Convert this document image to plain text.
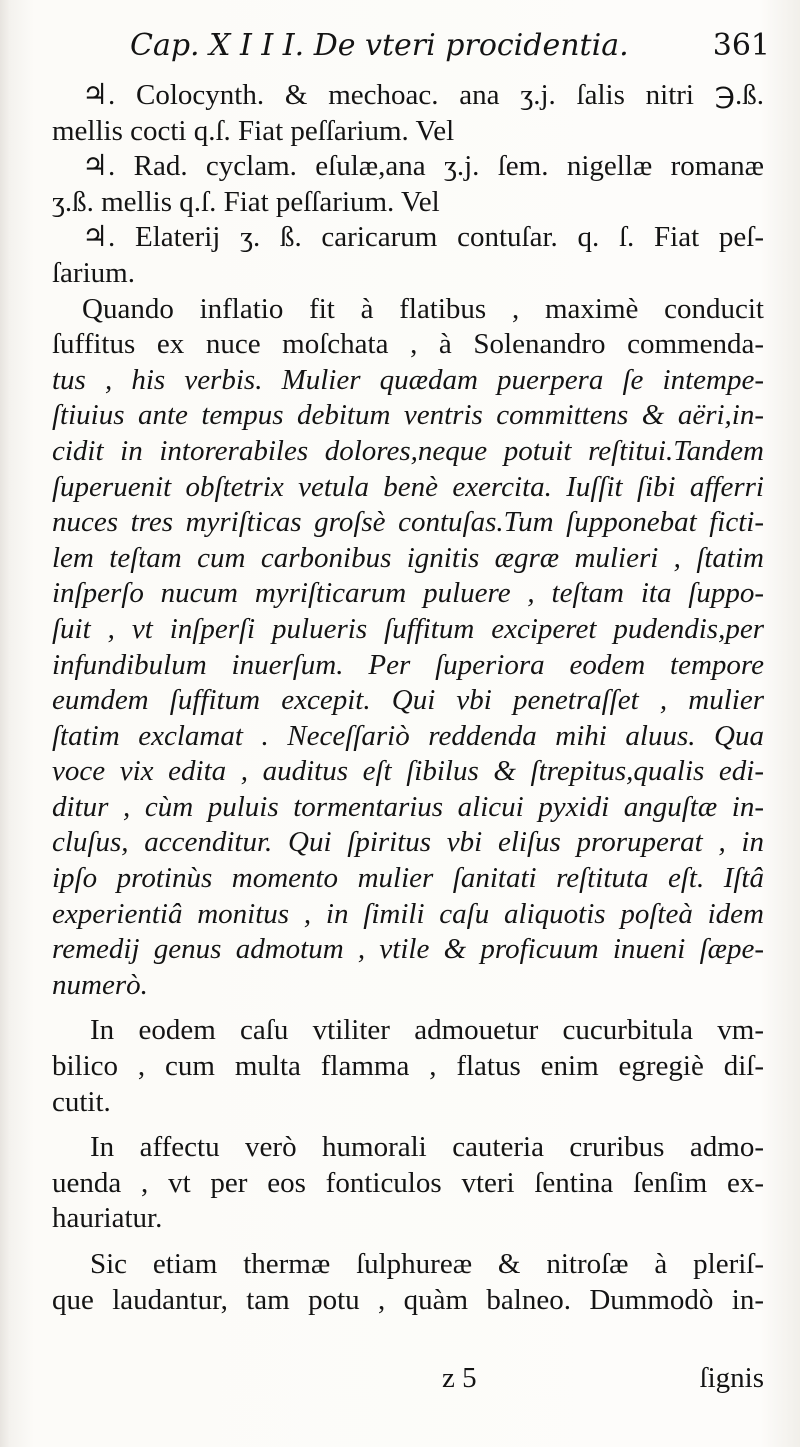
Cap. X I I I. De vteri procidentia.	361
♃. Colocynth. & mechoac. ana ʒ.j. ſalis nitri ℈.ß.
mellis cocti q.ſ. Fiat peſſarium. Vel
♃. Rad. cyclam. eſulæ,ana ʒ.j. ſem. nigellæ romanæ
ʒ.ß. mellis q.ſ. Fiat peſſarium. Vel
♃. Elaterij ʒ. ß. caricarum contuſar. q. ſ. Fiat peſ-
ſarium.
Quando inflatio fit à flatibus , maximè conducit
ſuffitus ex nuce moſchata , à Solenandro commenda-
tus , his verbis. Mulier quædam puerpera ſe intempe-
ſtiuius ante tempus debitum ventris committens & aëri,in-
cidit in intorerabiles dolores,neque potuit reſtitui.Tandem
ſuperuenit obſtetrix vetula benè exercita. Iuſſit ſibi afferri
nuces tres myriſticas groſsè contuſas.Tum ſupponebat ficti-
lem teſtam cum carbonibus ignitis ægræ mulieri , ſtatim
inſperſo nucum myriſticarum puluere , teſtam ita ſuppo-
ſuit , vt inſperſi pulueris ſuffitum exciperet pudendis,per
infundibulum inuerſum. Per ſuperiora eodem tempore
eumdem ſuffitum excepit. Qui vbi penetraſſet , mulier
ſtatim exclamat . Neceſſariò reddenda mihi aluus. Qua
voce vix edita , auditus eſt ſibilus & ſtrepitus,qualis edi-
ditur , cùm puluis tormentarius alicui pyxidi anguſtæ in-
cluſus, accenditur. Qui ſpiritus vbi eliſus proruperat , in
ipſo protinùs momento mulier ſanitati reſtituta eſt. Iſtâ
experientiâ monitus , in ſimili caſu aliquotis poſteà idem
remedij genus admotum , vtile & proficuum inueni ſæpe-
numerò.
In eodem caſu vtiliter admouetur cucurbitula vm-
bilico , cum multa flamma , flatus enim egregiè diſ-
cutit.
In affectu verò humorali cauteria cruribus admo-
uenda , vt per eos fonticulos vteri ſentina ſenſim ex-
hauriatur.
Sic etiam thermæ ſulphureæ & nitroſæ à pleriſ-
que laudantur, tam potu , quàm balneo. Dummodò in-
z 5	ſignis
